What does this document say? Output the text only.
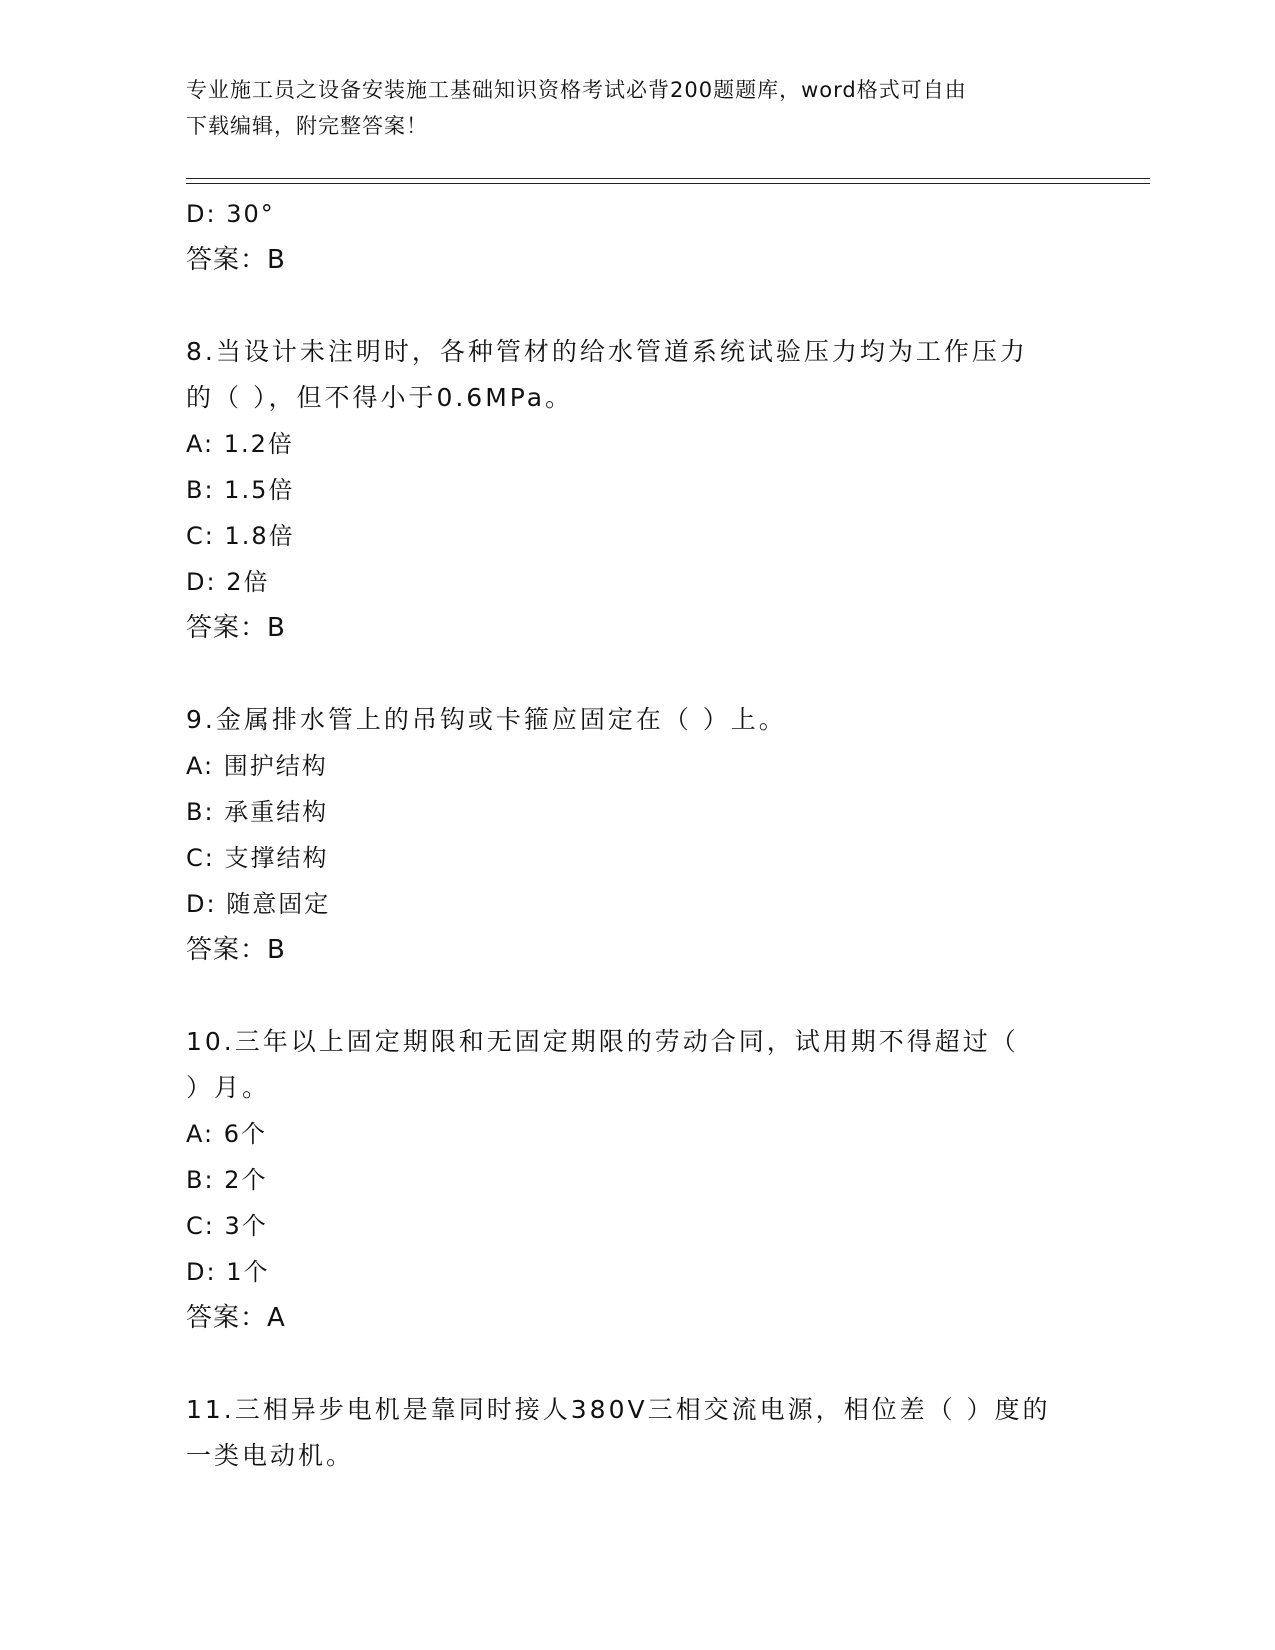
专业施工员之设备安装施工基础知识资格考试必背200题题库，word格式可自由
下载编辑，附完整答案！
D: 30°
答案：B
8.当设计未注明时，各种管材的给水管道系统试验压力均为工作压力
的（ ），但不得小于0.6MPa。
A: 1.2倍
B: 1.5倍
C: 1.8倍
D: 2倍
答案：B
9.金属排水管上的吊钩或卡箍应固定在（ ）上。
A: 围护结构
B: 承重结构
C: 支撑结构
D: 随意固定
答案：B
10.三年以上固定期限和无固定期限的劳动合同，试用期不得超过（
）月。
A: 6个
B: 2个
C: 3个
D: 1个
答案：A
11.三相异步电机是靠同时接人380V三相交流电源，相位差（ ）度的
一类电动机。
